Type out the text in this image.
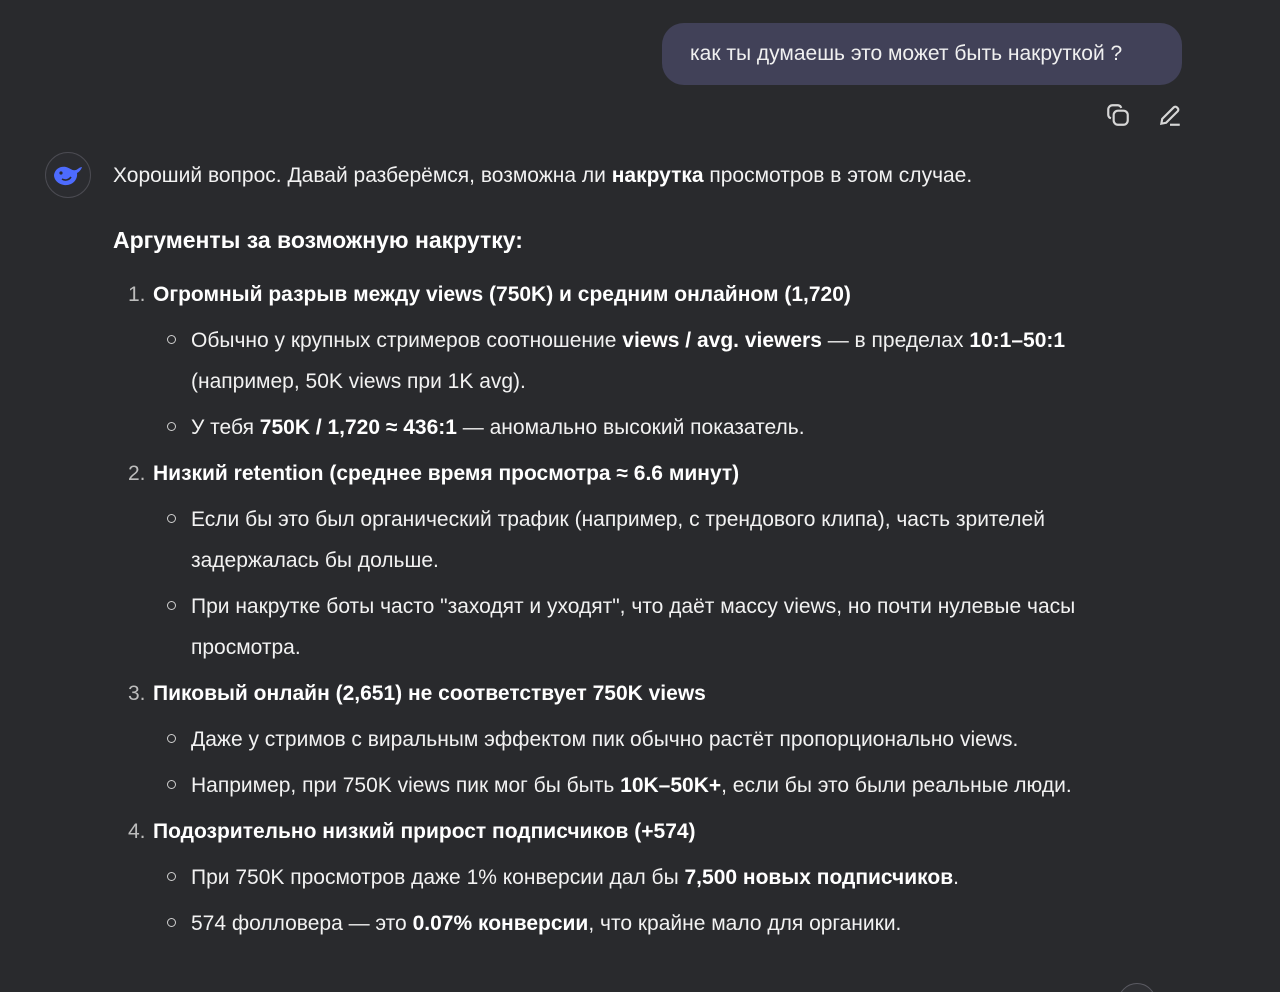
как ты думаешь это может быть накруткой ?

Хороший вопрос. Давай разберёмся, возможна ли накрутка просмотров в этом случае.

Аргументы за возможную накрутку:
1. Огромный разрыв между views (750K) и средним онлайном (1,720)
Обычно у крупных стримеров соотношение views / avg. viewers — в пределах 10:1–50:1 (например, 50K views при 1K avg).
У тебя 750K / 1,720 ≈ 436:1 — аномально высокий показатель.
2. Низкий retention (среднее время просмотра ≈ 6.6 минут)
Если бы это был органический трафик (например, с трендового клипа), часть зрителей задержалась бы дольше.
При накрутке боты часто "заходят и уходят", что даёт массу views, но почти нулевые часы просмотра.
3. Пиковый онлайн (2,651) не соответствует 750K views
Даже у стримов с виральным эффектом пик обычно растёт пропорционально views.
Например, при 750K views пик мог бы быть 10K–50K+, если бы это были реальные люди.
4. Подозрительно низкий прирост подписчиков (+574)
При 750K просмотров даже 1% конверсии дал бы 7,500 новых подписчиков.
574 фолловера — это 0.07% конверсии, что крайне мало для органики.
